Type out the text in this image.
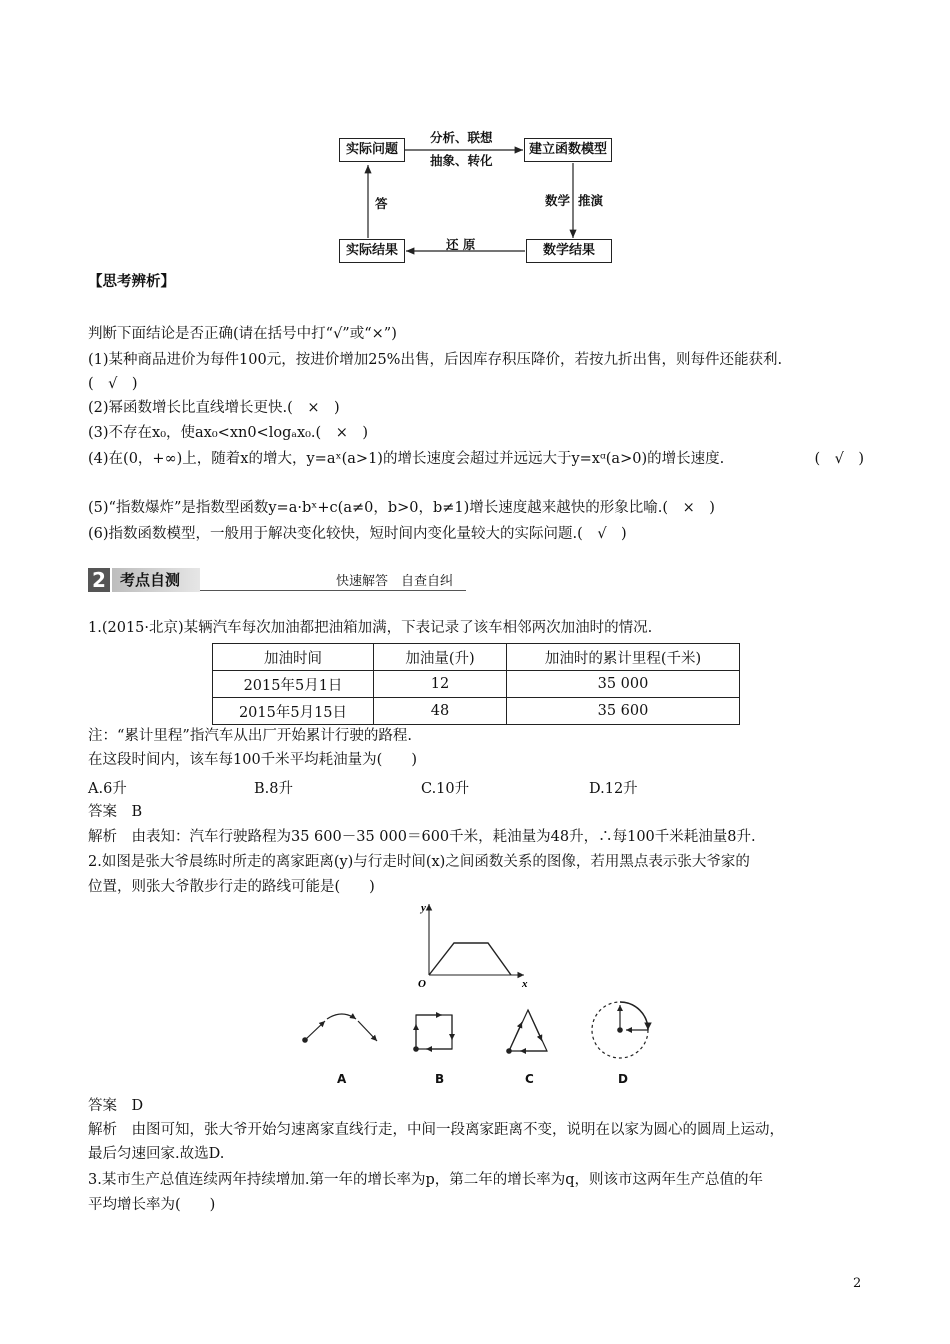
实际问题	建立函数模型
数学结果
实际结果
分析、联想
抽象、转化
数学 推演
还 原
答
【思考辨析】
判断下面结论是否正确(请在括号中打“√”或“×”)
(1)某种商品进价为每件100元，按进价增加25%出售，后因库存积压降价，若按九折出售，则每件还能获利.
(　√　)
(2)幂函数增长比直线增长更快.(　×　)
(3)不存在x₀，使ax₀<xn0<logₐx₀.(　×　)
(4)在(0，+∞)上，随着x的增大，y=aˣ(a>1)的增长速度会超过并远远大于y=xᵅ(a>0)的增长速度.	(　√　)
(5)“指数爆炸”是指数型函数y=a·bˣ+c(a≠0，b>0，b≠1)增长速度越来越快的形象比喻.(　×　)
(6)指数函数模型，一般用于解决变化较快，短时间内变化量较大的实际问题.(　√　)
2 考点自测	快速解答　自查自纠
1.(2015·北京)某辆汽车每次加油都把油箱加满，下表记录了该车相邻两次加油时的情况.
加油时间	加油量(升)	加油时的累计里程(千米)
2015年5月1日	12	35 000
2015年5月15日	48	35 600
注：“累计里程”指汽车从出厂开始累计行驶的路程.
在这段时间内，该车每100千米平均耗油量为(　　)
A.6升	B.8升	C.10升	D.12升
答案　B
解析　由表知：汽车行驶路程为35 600－35 000＝600千米，耗油量为48升，∴每100千米耗油量8升.
2.如图是张大爷晨练时所走的离家距离(y)与行走时间(x)之间函数关系的图像，若用黑点表示张大爷家的
位置，则张大爷散步行走的路线可能是(　　)
y
x
O
A	B	C	D
答案　D
解析　由图可知，张大爷开始匀速离家直线行走，中间一段离家距离不变，说明在以家为圆心的圆周上运动，
最后匀速回家.故选D.
3.某市生产总值连续两年持续增加.第一年的增长率为p，第二年的增长率为q，则该市这两年生产总值的年
平均增长率为(　　)
2
